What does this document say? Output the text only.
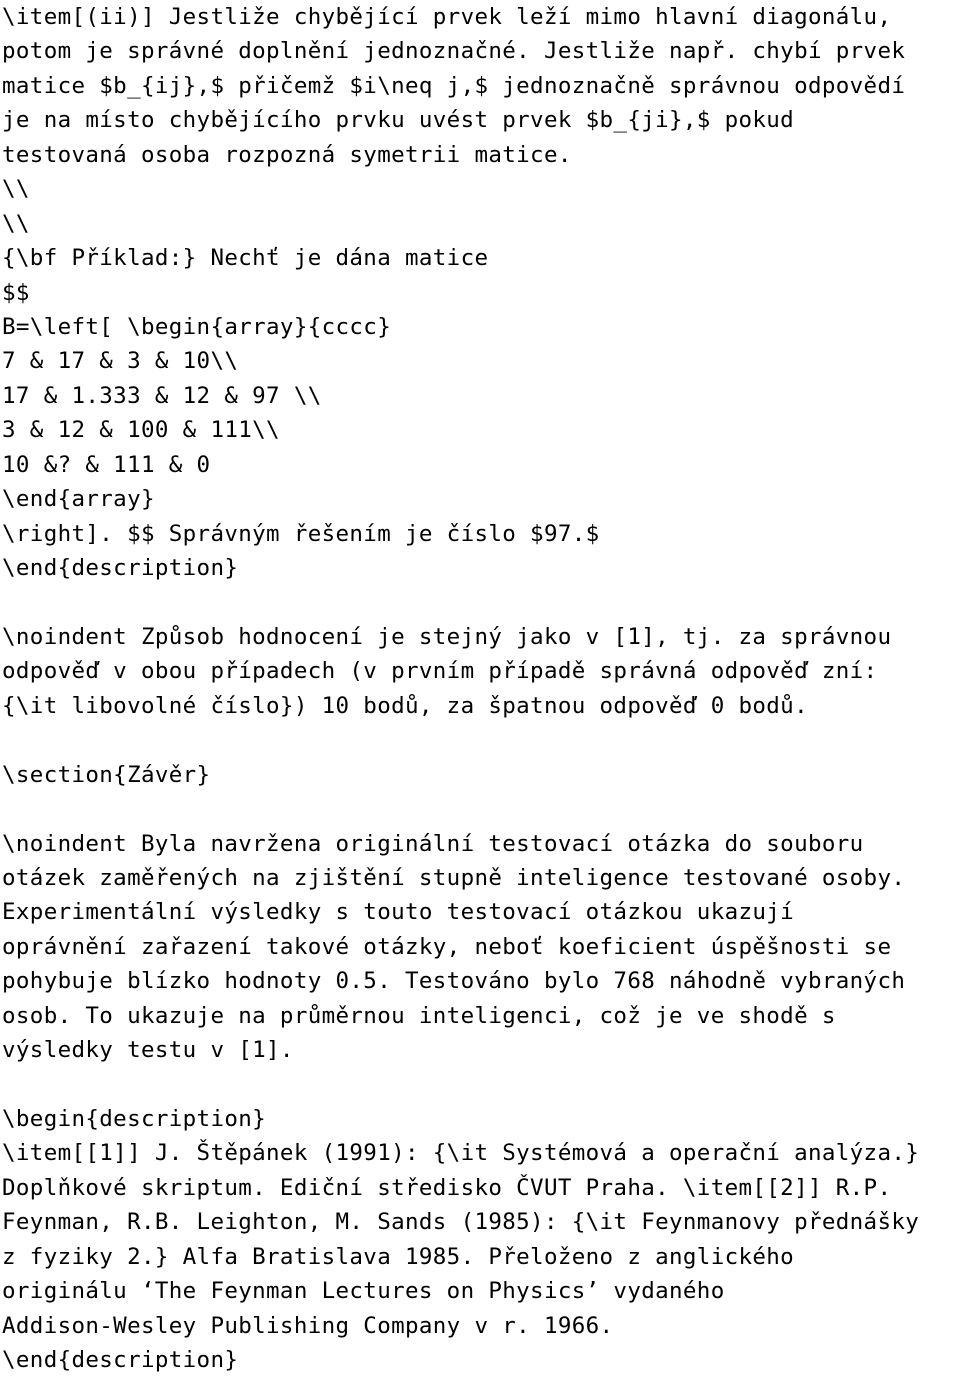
\item[(ii)] Jestliže chybějící prvek leží mimo hlavní diagonálu,
potom je správné doplnění jednoznačné. Jestliže např. chybí prvek
matice $b_{ij},$ přičemž $i\neq j,$ jednoznačně správnou odpovědí
je na místo chybějícího prvku uvést prvek $b_{ji},$ pokud
testovaná osoba rozpozná symetrii matice.
\\
\\
{\bf Příklad:} Nechť je dána matice
$$
B=\left[ \begin{array}{cccc}
7 & 17 & 3 & 10\\
17 & 1.333 & 12 & 97 \\
3 & 12 & 100 & 111\\
10 &? & 111 & 0
\end{array}
\right]. $$ Správným řešením je číslo $97.$
\end{description}
\noindent Způsob hodnocení je stejný jako v [1], tj. za správnou
odpověď v obou případech (v prvním případě správná odpověď zní:
{\it libovolné číslo}) 10 bodů, za špatnou odpověď 0 bodů.
\section{Závěr}
\noindent Byla navržena originální testovací otázka do souboru
otázek zaměřených na zjištění stupně inteligence testované osoby.
Experimentální výsledky s touto testovací otázkou ukazují
oprávnění zařazení takové otázky, neboť koeficient úspěšnosti se
pohybuje blízko hodnoty 0.5. Testováno bylo 768 náhodně vybraných
osob. To ukazuje na průměrnou inteligenci, což je ve shodě s
výsledky testu v [1].
\begin{description}
\item[[1]] J. Štěpánek (1991): {\it Systémová a operační analýza.}
Doplňkové skriptum. Ediční středisko ČVUT Praha. \item[[2]] R.P.
Feynman, R.B. Leighton, M. Sands (1985): {\it Feynmanovy přednášky
z fyziky 2.} Alfa Bratislava 1985. Přeloženo z anglického
originálu ‘The Feynman Lectures on Physics’ vydaného
Addison-Wesley Publishing Company v r. 1966.
\end{description}
